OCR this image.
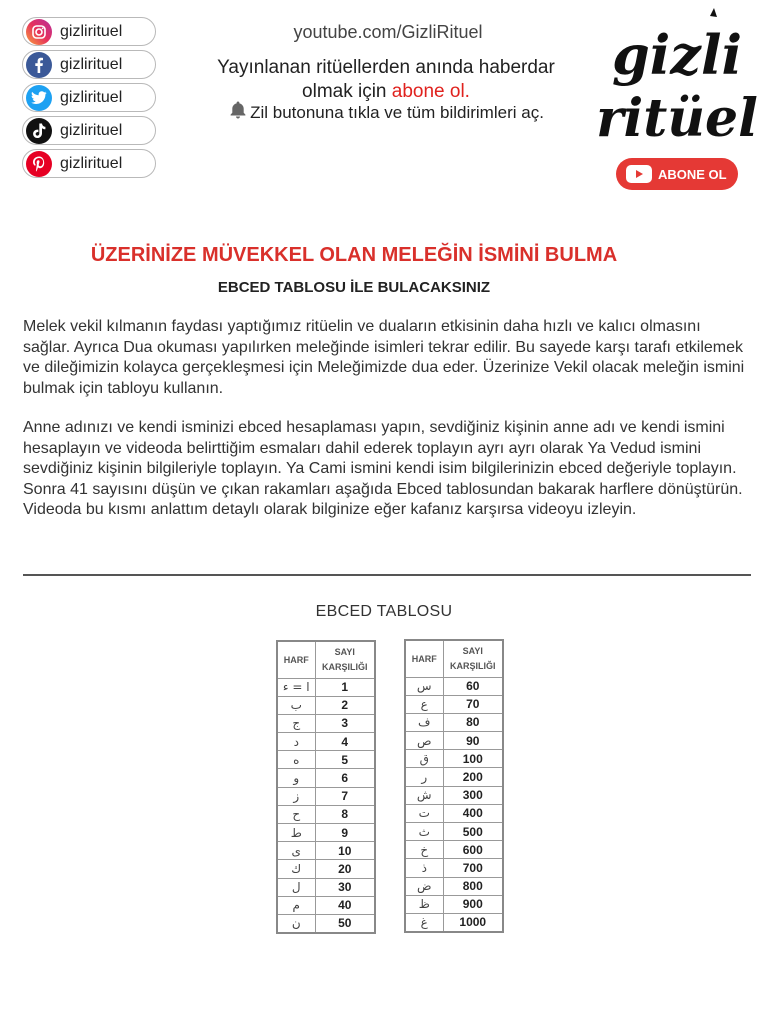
gizlirituel
gizlirituel
gizlirituel
gizlirituel
gizlirituel
youtube.com/GizliRituel
Yayınlanan ritüellerden anında haberdar
olmak için abone ol.
Zil butonuna tıkla ve tüm bildirimleri aç.
gizli
ritüel
ABONE OL
ÜZERİNİZE MÜVEKKEL OLAN MELEĞİN İSMİNİ BULMA
EBCED TABLOSU İLE BULACAKSINIZ

Melek vekil kılmanın faydası yaptığımız ritüelin ve duaların etkisinin daha hızlı ve kalıcı olmasını sağlar. Ayrıca Dua okuması yapılırken meleğinde isimleri tekrar edilir. Bu sayede karşı tarafı etkilemek ve dileğimizin kolayca gerçekleşmesi için Meleğimizde dua eder. Üzerinize Vekil olacak meleğin ismini bulmak için tabloyu kullanın.

Anne adınızı ve kendi isminizi ebced hesaplaması yapın, sevdiğiniz kişinin anne adı ve kendi ismini hesaplayın ve videoda belirttiğim esmaları dahil ederek toplayın ayrı ayrı olarak Ya Vedud ismini sevdiğiniz kişinin bilgileriyle toplayın. Ya Cami ismini kendi isim bilgilerinizin ebced değeriyle toplayın. Sonra 41 sayısını düşün ve çıkan rakamları aşağıda Ebced tablosundan bakarak harflere dönüştürün. Videoda bu kısmı anlattım detaylı olarak bilginize eğer kafanız karşırsa videoyu izleyin.

EBCED TABLOSU
HARF	SAYI
KARŞILIĞI

ا = ء	1
ب	2
ج	3
د	4
ه	5
و	6
ز	7
ح	8
ط	9
ى	10
ك	20
ل	30
م	40
ن	50
HARF	SAYI
KARŞILIĞI

س	60
ع	70
ف	80
ص	90
ق	100
ر	200
ش	300
ت	400
ث	500
خ	600
ذ	700
ض	800
ظ	900
غ	1000
